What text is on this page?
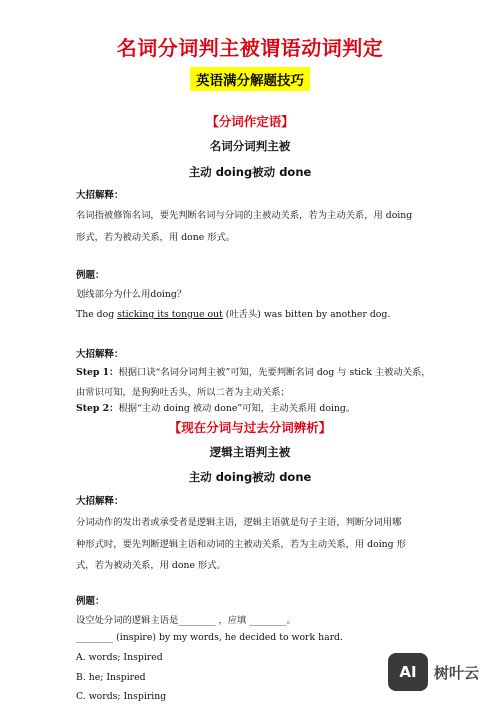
名词分词判主被谓语动词判定
英语满分解题技巧
【分词作定语】
名词分词判主被
主动 doing被动 done
大招解释：
名词指被修饰名词，要先判断名词与分词的主被动关系，若为主动关系，用 doing
形式，若为被动关系，用 done 形式。
例题：
划线部分为什么用doing？
The dog sticking its tongue out (吐舌头) was bitten by another dog.
大招解释：
Step 1：根据口诀“名词分词判主被”可知，先要判断名词 dog 与 stick 主被动关系，
由常识可知，是狗狗吐舌头，所以二者为主动关系；
Step 2：根据“主动 doing 被动 done”可知，主动关系用 doing。
【现在分词与过去分词辨析】
逻辑主语判主被
主动 doing被动 done
大招解释：
分词动作的发出者或承受者是逻辑主语，逻辑主语就是句子主语，判断分词用哪
种形式时，要先判断逻辑主语和动词的主被动关系，若为主动关系，用 doing 形
式，若为被动关系，用 done 形式。
例题：
设空处分词的逻辑主语是________ ，应填 ________。
________ (inspire) by my words, he decided to work hard.
A. words; Inspired
B. he; Inspired
C. words; Inspiring
AI	树叶云
